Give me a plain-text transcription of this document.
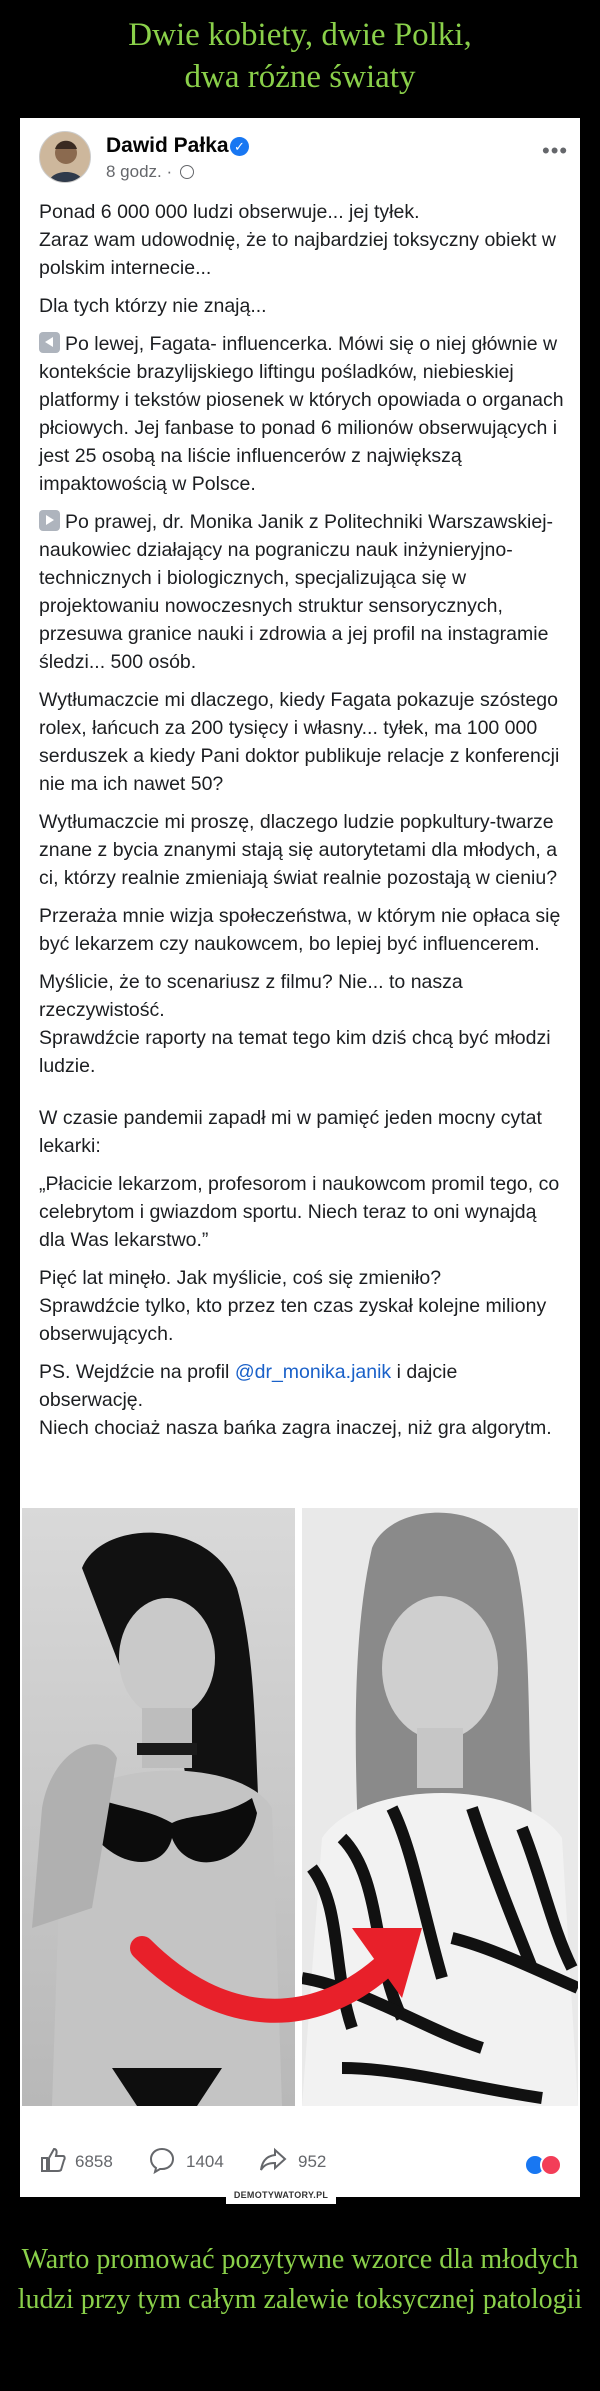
Dwie kobiety, dwie Polki,
dwa różne światy
Dawid Pałka ✓
8 godz. ·
•••

Ponad 6 000 000 ludzi obserwuje... jej tyłek.
Zaraz wam udowodnię, że to najbardziej toksyczny obiekt w polskim internecie...

Dla tych którzy nie znają...

Po lewej, Fagata- influencerka. Mówi się o niej głównie w kontekście brazylijskiego liftingu pośladków, niebieskiej platformy i tekstów piosenek w których opowiada o organach płciowych. Jej fanbase to ponad 6 milionów obserwujących i jest 25 osobą na liście influencerów z największą impaktowością w Polsce.

Po prawej, dr. Monika Janik z Politechniki Warszawskiej- naukowiec działający na pograniczu nauk inżynieryjno-technicznych i biologicznych, specjalizująca się w projektowaniu nowoczesnych struktur sensorycznych, przesuwa granice nauki i zdrowia a jej profil na instagramie śledzi... 500 osób.

Wytłumaczcie mi dlaczego, kiedy Fagata pokazuje szóstego rolex, łańcuch za 200 tysięcy i własny... tyłek, ma 100 000 serduszek a kiedy Pani doktor publikuje relacje z konferencji nie ma ich nawet 50?

Wytłumaczcie mi proszę, dlaczego ludzie popkultury-twarze znane z bycia znanymi stają się autorytetami dla młodych, a ci, którzy realnie zmieniają świat realnie pozostają w cieniu?

Przeraża mnie wizja społeczeństwa, w którym nie opłaca się być lekarzem czy naukowcem, bo lepiej być influencerem.

Myślicie, że to scenariusz z filmu? Nie... to nasza rzeczywistość.
Sprawdźcie raporty na temat tego kim dziś chcą być młodzi ludzie.

W czasie pandemii zapadł mi w pamięć jeden mocny cytat lekarki:

„Płacicie lekarzom, profesorom i naukowcom promil tego, co celebrytom i gwiazdom sportu. Niech teraz to oni wynajdą dla Was lekarstwo.”

Pięć lat minęło. Jak myślicie, coś się zmieniło?
Sprawdźcie tylko, kto przez ten czas zyskał kolejne miliony obserwujących.

PS. Wejdźcie na profil @dr_monika.janik i dajcie obserwację.
Niech chociaż nasza bańka zagra inaczej, niż gra algorytm.

6858	1404	952
DEMOTYWATORY.PL
Warto promować pozytywne wzorce dla młodych ludzi przy tym całym zalewie toksycznej patologii
